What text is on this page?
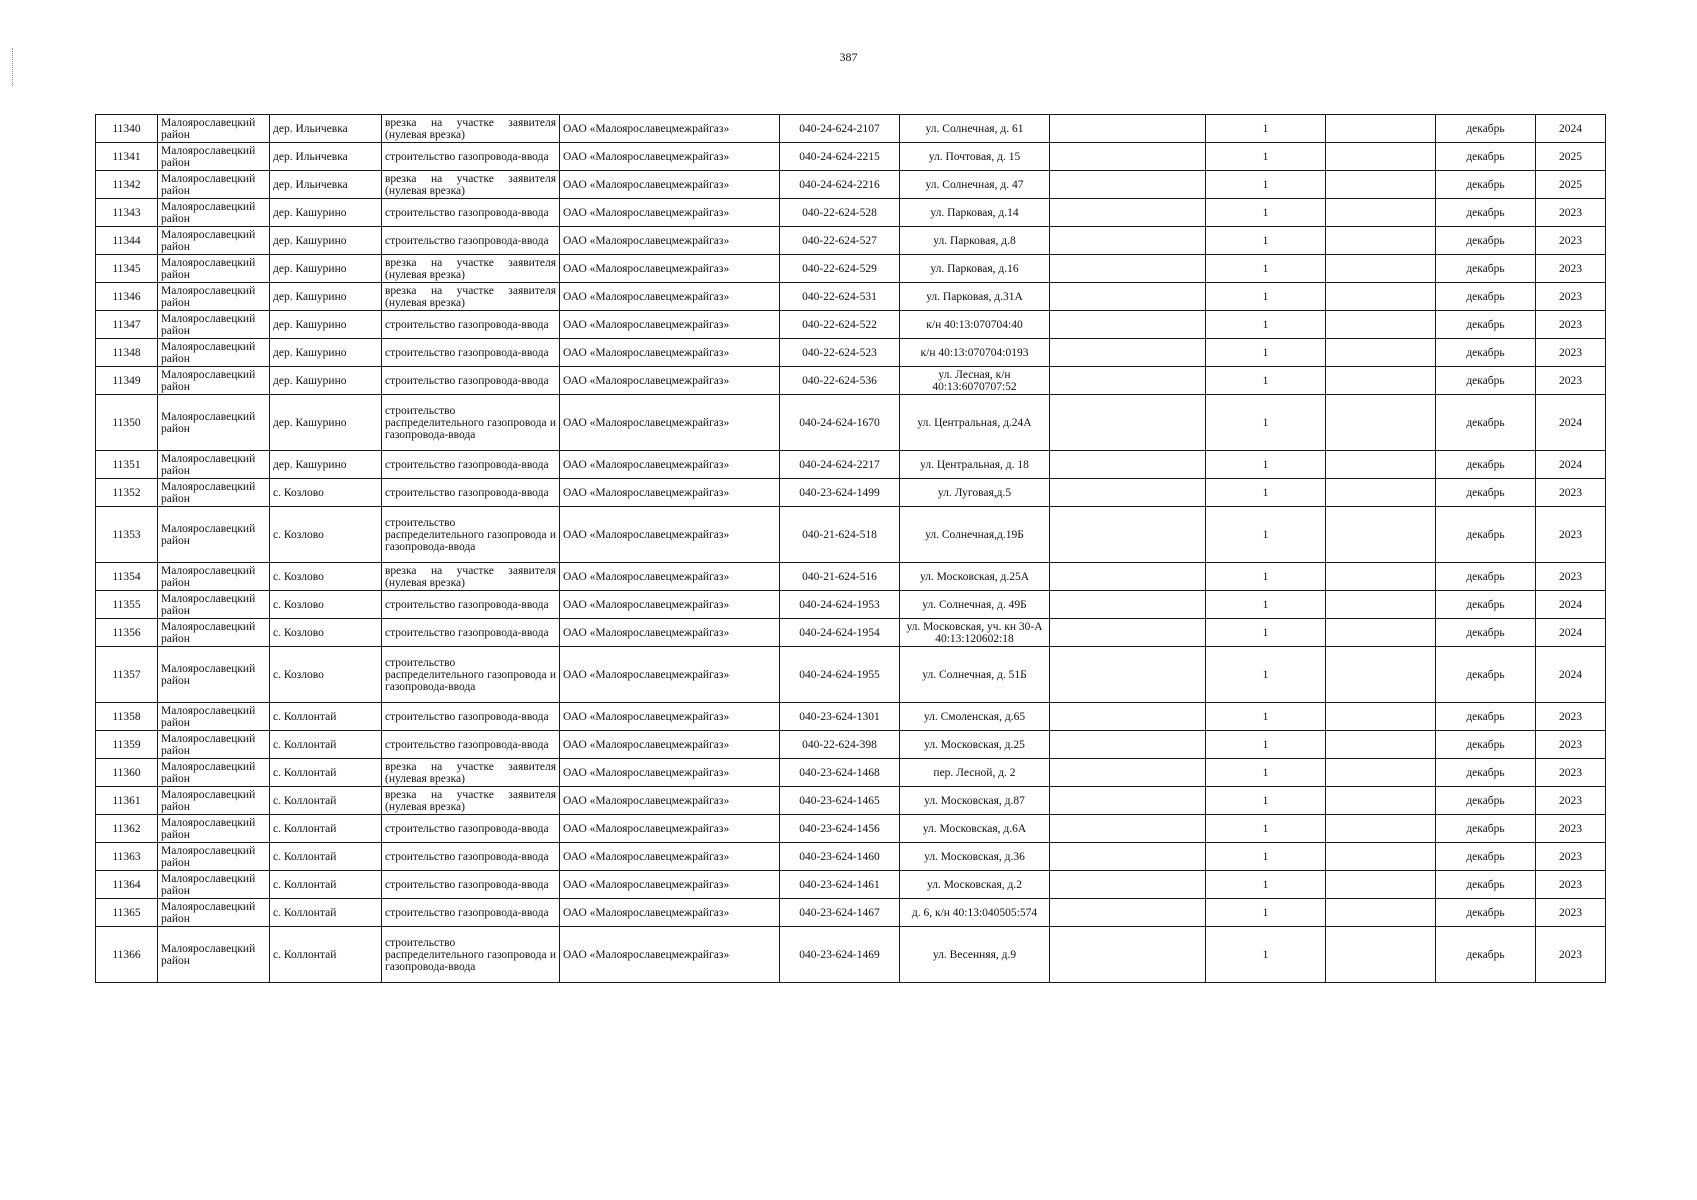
387
11340	Малоярославецкий район	дер. Ильичевка	врезка на участке заявителя (нулевая врезка)	ОАО «Малоярославецмежрайгаз»	040-24-624-2107	ул. Солнечная, д. 61		1		декабрь	2024
11341	Малоярославецкий район	дер. Ильичевка	строительство газопровода-ввода	ОАО «Малоярославецмежрайгаз»	040-24-624-2215	ул. Почтовая, д. 15		1		декабрь	2025
11342	Малоярославецкий район	дер. Ильичевка	врезка на участке заявителя (нулевая врезка)	ОАО «Малоярославецмежрайгаз»	040-24-624-2216	ул. Солнечная, д. 47		1		декабрь	2025
11343	Малоярославецкий район	дер. Кашурино	строительство газопровода-ввода	ОАО «Малоярославецмежрайгаз»	040-22-624-528	ул. Парковая, д.14		1		декабрь	2023
11344	Малоярославецкий район	дер. Кашурино	строительство газопровода-ввода	ОАО «Малоярославецмежрайгаз»	040-22-624-527	ул. Парковая, д.8		1		декабрь	2023
11345	Малоярославецкий район	дер. Кашурино	врезка на участке заявителя (нулевая врезка)	ОАО «Малоярославецмежрайгаз»	040-22-624-529	ул. Парковая, д.16		1		декабрь	2023
11346	Малоярославецкий район	дер. Кашурино	врезка на участке заявителя (нулевая врезка)	ОАО «Малоярославецмежрайгаз»	040-22-624-531	ул. Парковая, д.31А		1		декабрь	2023
11347	Малоярославецкий район	дер. Кашурино	строительство газопровода-ввода	ОАО «Малоярославецмежрайгаз»	040-22-624-522	к/н 40:13:070704:40		1		декабрь	2023
11348	Малоярославецкий район	дер. Кашурино	строительство газопровода-ввода	ОАО «Малоярославецмежрайгаз»	040-22-624-523	к/н 40:13:070704:0193		1		декабрь	2023
11349	Малоярославецкий район	дер. Кашурино	строительство газопровода-ввода	ОАО «Малоярославецмежрайгаз»	040-22-624-536	ул. Лесная, к/н 40:13:6070707:52		1		декабрь	2023
11350	Малоярославецкий район	дер. Кашурино	строительство распределительного газопровода и газопровода-ввода	ОАО «Малоярославецмежрайгаз»	040-24-624-1670	ул. Центральная, д.24А		1		декабрь	2024
11351	Малоярославецкий район	дер. Кашурино	строительство газопровода-ввода	ОАО «Малоярославецмежрайгаз»	040-24-624-2217	ул. Центральная, д. 18		1		декабрь	2024
11352	Малоярославецкий район	с. Козлово	строительство газопровода-ввода	ОАО «Малоярославецмежрайгаз»	040-23-624-1499	ул. Луговая,д.5		1		декабрь	2023
11353	Малоярославецкий район	с. Козлово	строительство распределительного газопровода и газопровода-ввода	ОАО «Малоярославецмежрайгаз»	040-21-624-518	ул. Солнечная,д.19Б		1		декабрь	2023
11354	Малоярославецкий район	с. Козлово	врезка на участке заявителя (нулевая врезка)	ОАО «Малоярославецмежрайгаз»	040-21-624-516	ул. Московская, д.25А		1		декабрь	2023
11355	Малоярославецкий район	с. Козлово	строительство газопровода-ввода	ОАО «Малоярославецмежрайгаз»	040-24-624-1953	ул. Солнечная, д. 49Б		1		декабрь	2024
11356	Малоярославецкий район	с. Козлово	строительство газопровода-ввода	ОАО «Малоярославецмежрайгаз»	040-24-624-1954	ул. Московская, уч. кн 30-А 40:13:120602:18		1		декабрь	2024
11357	Малоярославецкий район	с. Козлово	строительство распределительного газопровода и газопровода-ввода	ОАО «Малоярославецмежрайгаз»	040-24-624-1955	ул. Солнечная, д. 51Б		1		декабрь	2024
11358	Малоярославецкий район	с. Коллонтай	строительство газопровода-ввода	ОАО «Малоярославецмежрайгаз»	040-23-624-1301	ул. Смоленская, д.65		1		декабрь	2023
11359	Малоярославецкий район	с. Коллонтай	строительство газопровода-ввода	ОАО «Малоярославецмежрайгаз»	040-22-624-398	ул. Московская, д.25		1		декабрь	2023
11360	Малоярославецкий район	с. Коллонтай	врезка на участке заявителя (нулевая врезка)	ОАО «Малоярославецмежрайгаз»	040-23-624-1468	пер. Лесной, д. 2		1		декабрь	2023
11361	Малоярославецкий район	с. Коллонтай	врезка на участке заявителя (нулевая врезка)	ОАО «Малоярославецмежрайгаз»	040-23-624-1465	ул. Московская, д.87		1		декабрь	2023
11362	Малоярославецкий район	с. Коллонтай	строительство газопровода-ввода	ОАО «Малоярославецмежрайгаз»	040-23-624-1456	ул. Московская, д.6А		1		декабрь	2023
11363	Малоярославецкий район	с. Коллонтай	строительство газопровода-ввода	ОАО «Малоярославецмежрайгаз»	040-23-624-1460	ул. Московская, д.36		1		декабрь	2023
11364	Малоярославецкий район	с. Коллонтай	строительство газопровода-ввода	ОАО «Малоярославецмежрайгаз»	040-23-624-1461	ул. Московская, д.2		1		декабрь	2023
11365	Малоярославецкий район	с. Коллонтай	строительство газопровода-ввода	ОАО «Малоярославецмежрайгаз»	040-23-624-1467	д. 6, к/н 40:13:040505:574		1		декабрь	2023
11366	Малоярославецкий район	с. Коллонтай	строительство распределительного газопровода и газопровода-ввода	ОАО «Малоярославецмежрайгаз»	040-23-624-1469	ул. Весенняя, д.9		1		декабрь	2023
